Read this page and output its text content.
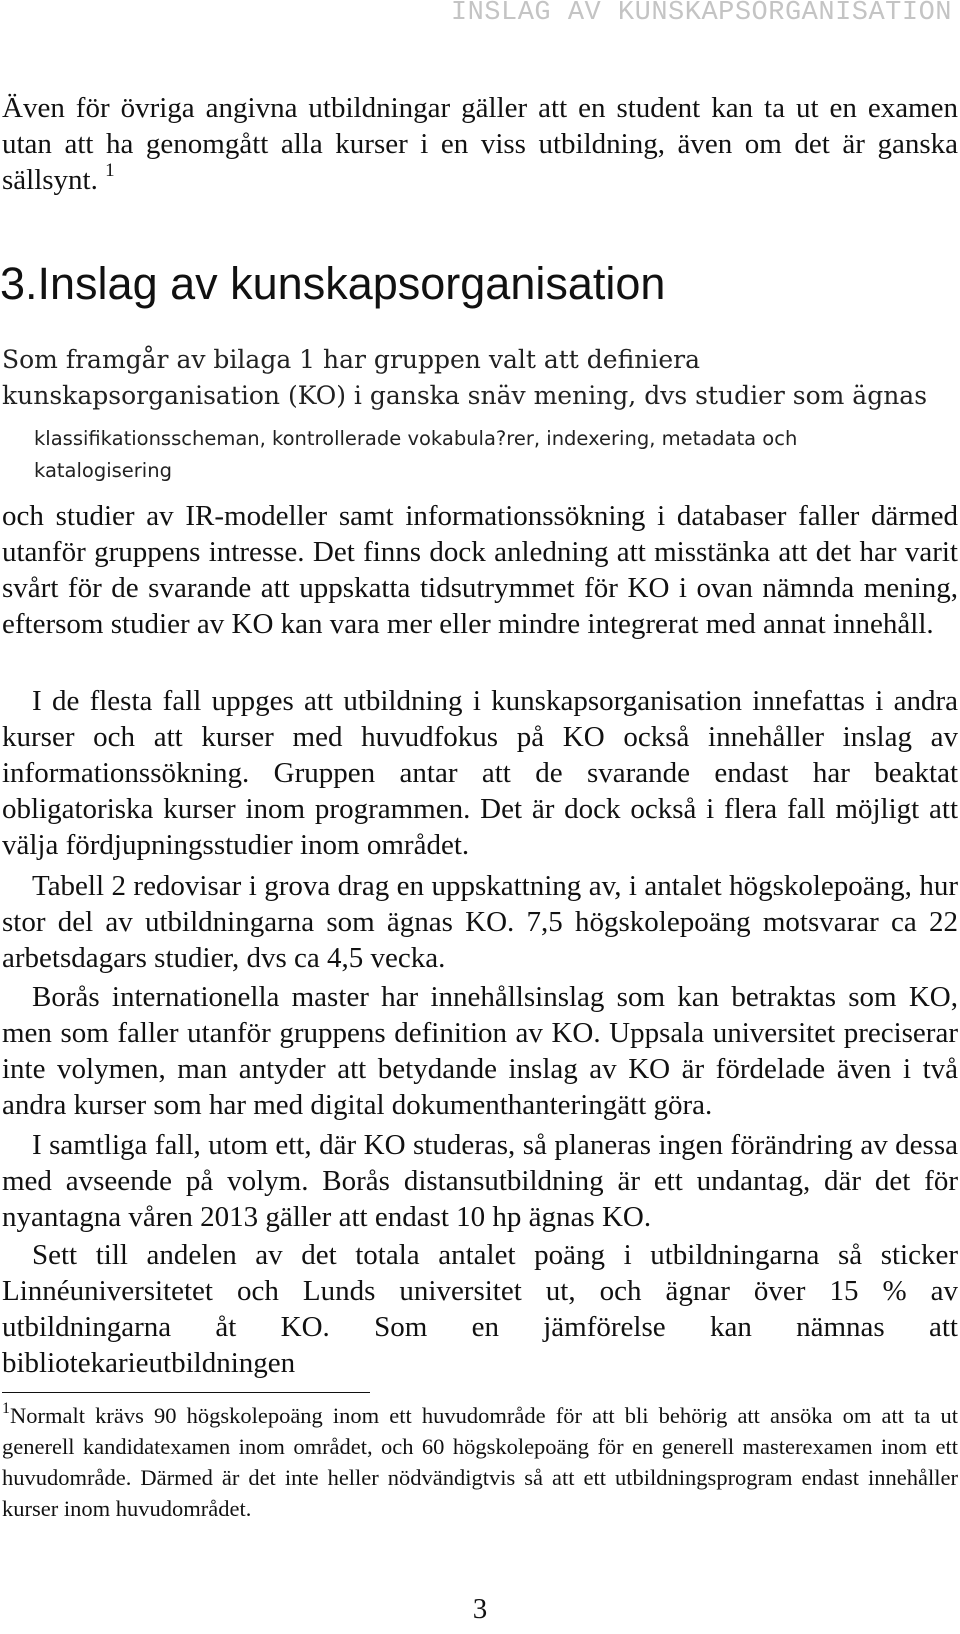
INSLAG AV KUNSKAPSORGANISATION

Även för övriga angivna utbildningar gäller att en student kan ta ut en examen utan att ha genomgått alla kurser i en viss utbildning, även om det är ganska sällsynt. $^1$

3.Inslag av kunskapsorganisation

Som framgår av bilaga 1 har gruppen valt att definiera kunskapsorganisation (KO) i ganska snäv mening, dvs studier som ägnas

klassifikationsscheman, kontrollerade vokabula?rer, indexering, metadata och katalogisering

och studier av IR-modeller samt informationssökning i databaser faller därmed utanför gruppens intresse. Det finns dock anledning att misstänka att det har varit svårt för de svarande att uppskatta tidsutrymmet för KO i ovan nämnda mening, eftersom studier av KO kan vara mer eller mindre integrerat med annat innehåll.

I de flesta fall uppges att utbildning i kunskapsorganisation innefattas i andra kurser och att kurser med huvudfokus på KO också innehåller inslag av informationssökning. Gruppen antar att de svarande endast har beaktat obligatoriska kurser inom programmen. Det är dock också i flera fall möjligt att välja fördjupningsstudier inom området.

Tabell 2 redovisar i grova drag en uppskattning av, i antalet högskolepoäng, hur stor del av utbildningarna som ägnas KO. 7,5 högskolepoäng motsvarar ca 22 arbetsdagars studier, dvs ca 4,5 vecka.

Borås internationella master har innehållsinslag som kan betraktas som KO, men som faller utanför gruppens definition av KO. Uppsala universitet preciserar inte volymen, man antyder att betydande inslag av KO är fördelade även i två andra kurser som har med digital dokumenthanteringätt göra.

I samtliga fall, utom ett, där KO studeras, så planeras ingen förändring av dessa med avseende på volym. Borås distansutbildning är ett undantag, där det för nyantagna våren 2013 gäller att endast 10 hp ägnas KO.

Sett till andelen av det totala antalet poäng i utbildningarna så sticker Linnéuniversitetet och Lunds universitet ut, och ägnar över 15 % av utbildningarna åt KO. Som en jämförelse kan nämnas att bibliotekarieutbildningen

$^1$Normalt krävs 90 högskolepoäng inom ett huvudområde för att bli behörig att ansöka om att ta ut generell kandidatexamen inom området, och 60 högskolepoäng för en generell masterexamen inom ett huvudområde. Därmed är det inte heller nödvändigtvis så att ett utbildningsprogram endast innehåller kurser inom huvudområdet.

3
